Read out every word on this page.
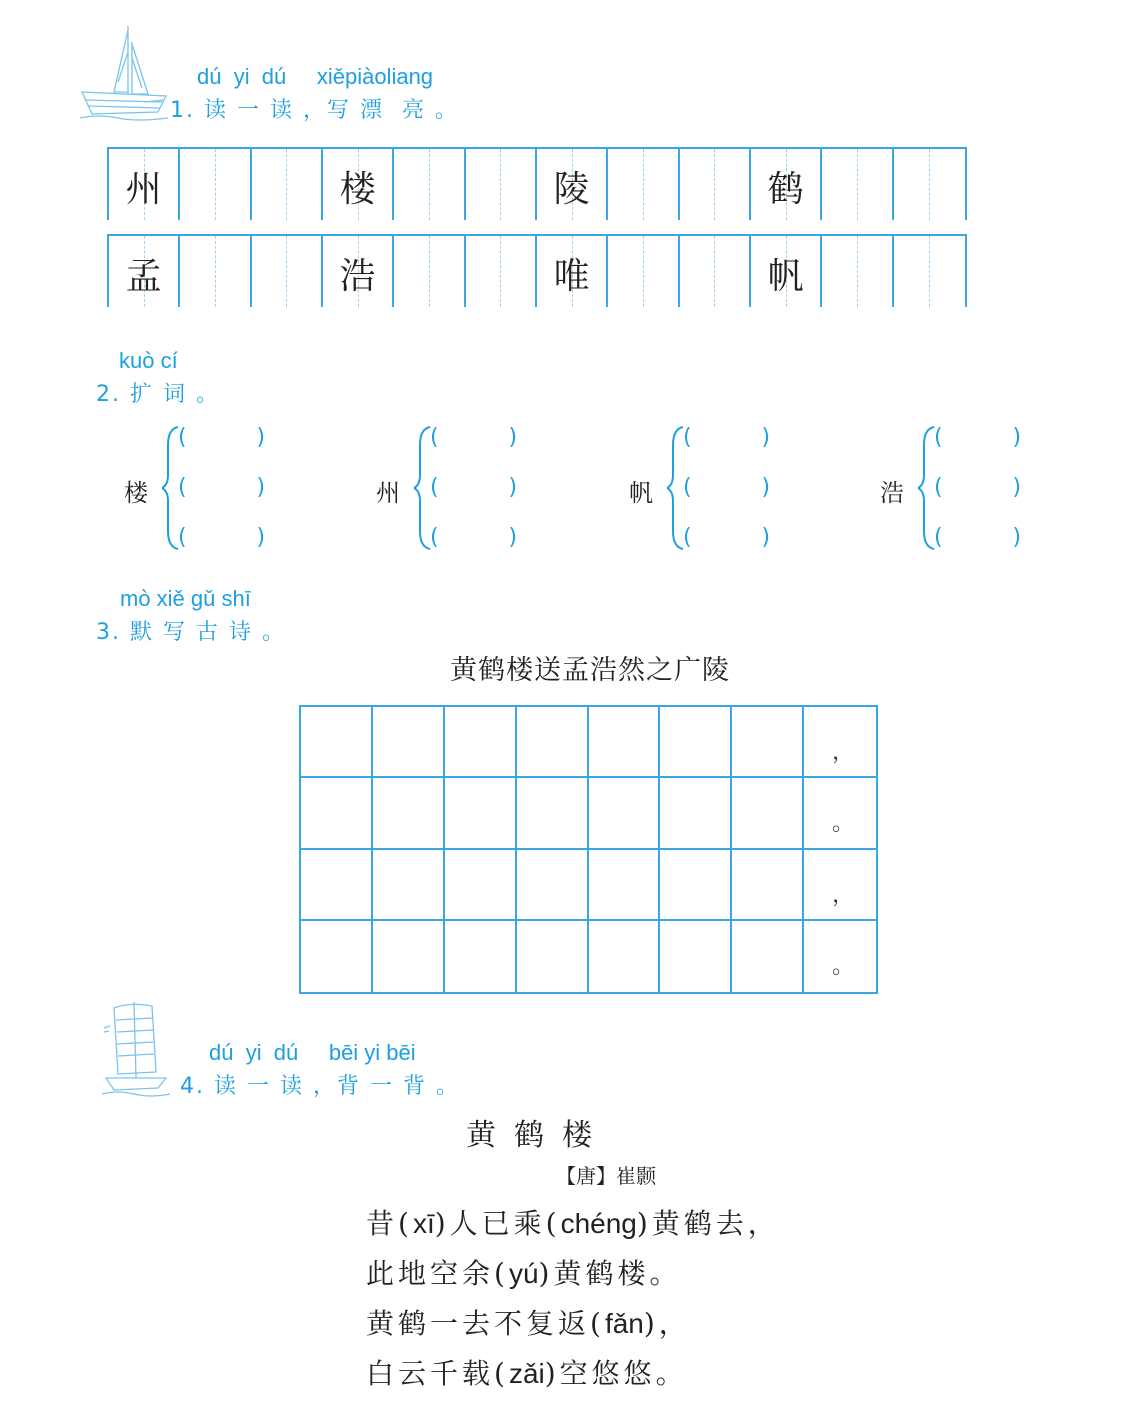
dú  yi  dú     xiěpiàoliang
1. 读 一 读 ，写 漂  亮 。
州	楼	陵	鹤
孟	浩	唯	帆
kuò cí
2. 扩 词 。
楼
(          )
(          )
(          )
州
(          )
(          )
(          )
帆
(          )
(          )
(          )
浩
(          )
(          )
(          )
mò xiě gǔ shī
3. 默 写 古 诗 。
黄鹤楼送孟浩然之广陵
，
。
，
。
dú  yi  dú     bēi yi bēi
4. 读 一 读 ，背 一 背 。
黄鹤楼
【唐】崔颢
昔(xī)人已乘(chéng)黄鹤去，
此地空余(yú)黄鹤楼。
黄鹤一去不复返(fǎn)，
白云千载(zǎi)空悠悠。
